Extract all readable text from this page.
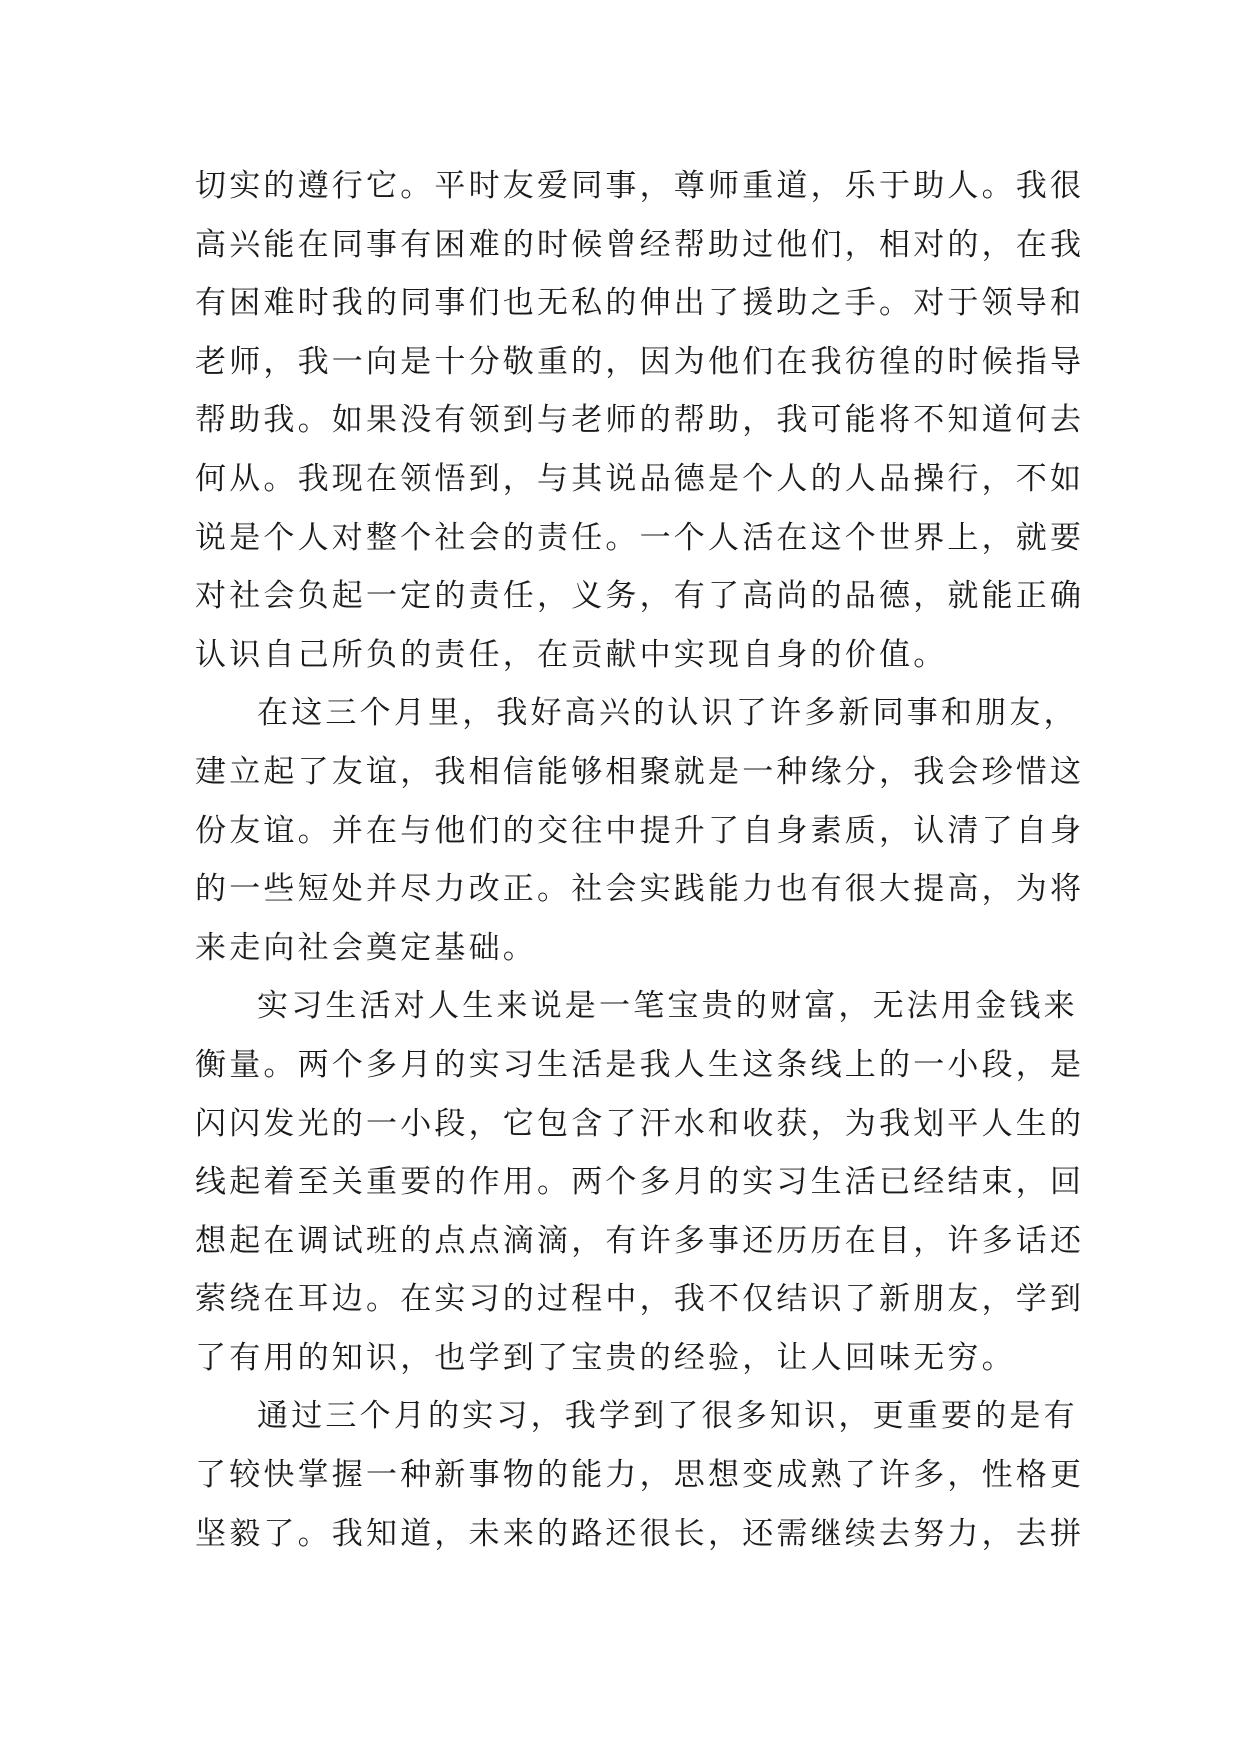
切实的遵行它。平时友爱同事，尊师重道，乐于助人。我很
高兴能在同事有困难的时候曾经帮助过他们，相对的，在我
有困难时我的同事们也无私的伸出了援助之手。对于领导和
老师，我一向是十分敬重的，因为他们在我彷徨的时候指导
帮助我。如果没有领到与老师的帮助，我可能将不知道何去
何从。我现在领悟到，与其说品德是个人的人品操行，不如
说是个人对整个社会的责任。一个人活在这个世界上，就要
对社会负起一定的责任，义务，有了高尚的品德，就能正确
认识自己所负的责任，在贡献中实现自身的价值。
在这三个月里，我好高兴的认识了许多新同事和朋友，
建立起了友谊，我相信能够相聚就是一种缘分，我会珍惜这
份友谊。并在与他们的交往中提升了自身素质，认清了自身
的一些短处并尽力改正。社会实践能力也有很大提高，为将
来走向社会奠定基础。
实习生活对人生来说是一笔宝贵的财富，无法用金钱来
衡量。两个多月的实习生活是我人生这条线上的一小段，是
闪闪发光的一小段，它包含了汗水和收获，为我划平人生的
线起着至关重要的作用。两个多月的实习生活已经结束，回
想起在调试班的点点滴滴，有许多事还历历在目，许多话还
萦绕在耳边。在实习的过程中，我不仅结识了新朋友，学到
了有用的知识，也学到了宝贵的经验，让人回味无穷。
通过三个月的实习，我学到了很多知识，更重要的是有
了较快掌握一种新事物的能力，思想变成熟了许多，性格更
坚毅了。我知道，未来的路还很长，还需继续去努力，去拼
